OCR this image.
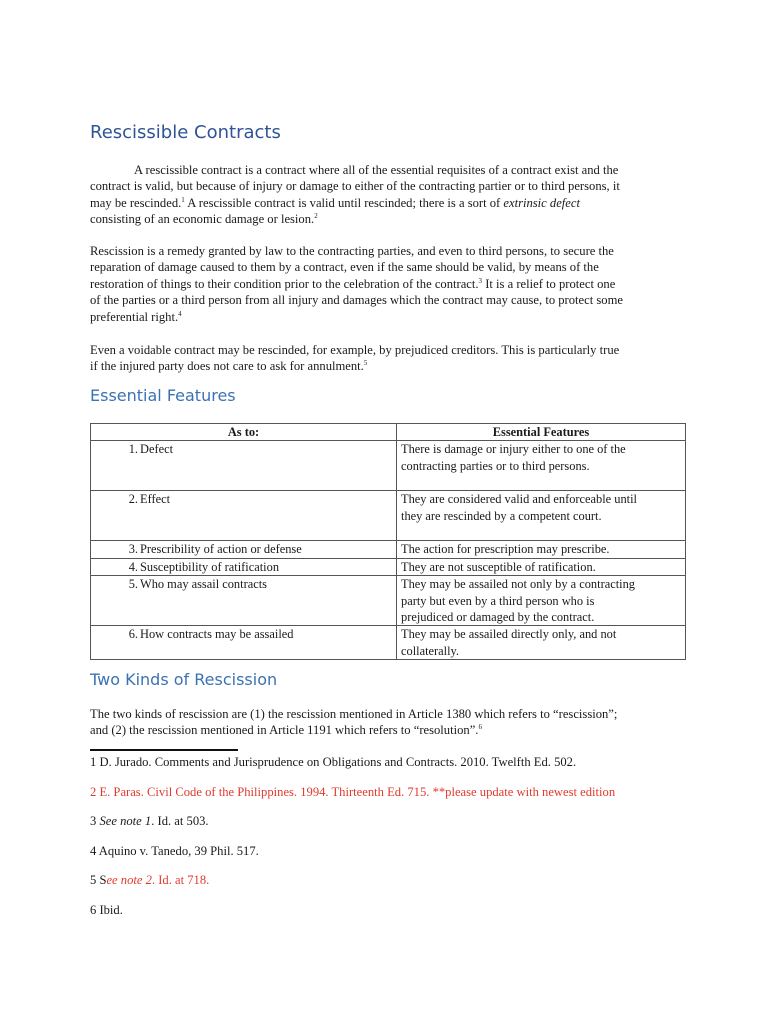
Rescissible Contracts
A rescissible contract is a contract where all of the essential requisites of a contract exist and the
contract is valid, but because of injury or damage to either of the contracting partier or to third persons, it
may be rescinded.$^1$ A rescissible contract is valid until rescinded; there is a sort of extrinsic defect
consisting of an economic damage or lesion.$^2$
Rescission is a remedy granted by law to the contracting parties, and even to third persons, to secure the
reparation of damage caused to them by a contract, even if the same should be valid, by means of the
restoration of things to their condition prior to the celebration of the contract.$^3$ It is a relief to protect one
of the parties or a third person from all injury and damages which the contract may cause, to protect some
preferential right.$^4$
Even a voidable contract may be rescinded, for example, by prejudiced creditors. This is particularly true
if the injured party does not care to ask for annulment.$^5$
Essential Features
As to:	Essential Features
1. Defect	There is damage or injury either to one of the
contracting parties or to third persons.

2. Effect	They are considered valid and enforceable until
they are rescinded by a competent court.

3. Prescribility of action or defense	The action for prescription may prescribe.

4. Susceptibility of ratification	They are not susceptible of ratification.

5. Who may assail contracts	They may be assailed not only by a contracting
party but even by a third person who is
prejudiced or damaged by the contract.

6. How contracts may be assailed	They may be assailed directly only, and not
collaterally.
Two Kinds of Rescission
The two kinds of rescission are (1) the rescission mentioned in Article 1380 which refers to “rescission”;
and (2) the rescission mentioned in Article 1191 which refers to “resolution”.$^6$
1 D. Jurado. Comments and Jurisprudence on Obligations and Contracts. 2010. Twelfth Ed. 502.
2 E. Paras. Civil Code of the Philippines. 1994. Thirteenth Ed. 715. **please update with newest edition
3 See note 1. Id. at 503.
4 Aquino v. Tanedo, 39 Phil. 517.
5 See note 2. Id. at 718.
6 Ibid.
